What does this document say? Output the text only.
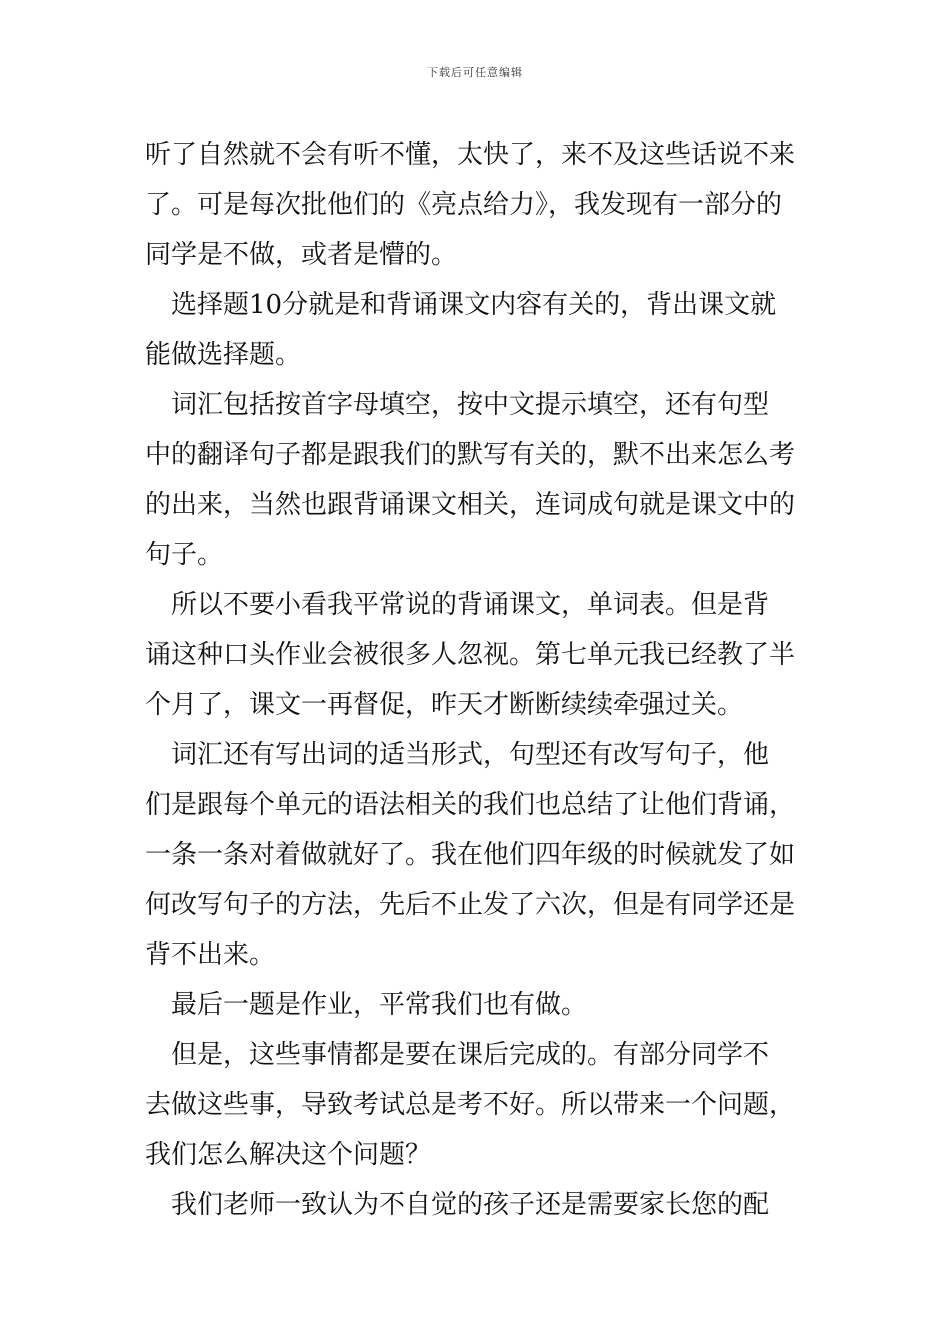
下载后可任意编辑
听了自然就不会有听不懂，太快了，来不及这些话说不来
了。可是每次批他们的《亮点给力》，我发现有一部分的
同学是不做，或者是懵的。
　选择题10分就是和背诵课文内容有关的，背出课文就
能做选择题。
　词汇包括按首字母填空，按中文提示填空，还有句型
中的翻译句子都是跟我们的默写有关的，默不出来怎么考
的出来，当然也跟背诵课文相关，连词成句就是课文中的
句子。
　所以不要小看我平常说的背诵课文，单词表。但是背
诵这种口头作业会被很多人忽视。第七单元我已经教了半
个月了，课文一再督促，昨天才断断续续牵强过关。
　词汇还有写出词的适当形式，句型还有改写句子，他
们是跟每个单元的语法相关的我们也总结了让他们背诵，
一条一条对着做就好了。我在他们四年级的时候就发了如
何改写句子的方法，先后不止发了六次，但是有同学还是
背不出来。
　最后一题是作业，平常我们也有做。
　但是，这些事情都是要在课后完成的。有部分同学不
去做这些事，导致考试总是考不好。所以带来一个问题，
我们怎么解决这个问题？
　我们老师一致认为不自觉的孩子还是需要家长您的配
